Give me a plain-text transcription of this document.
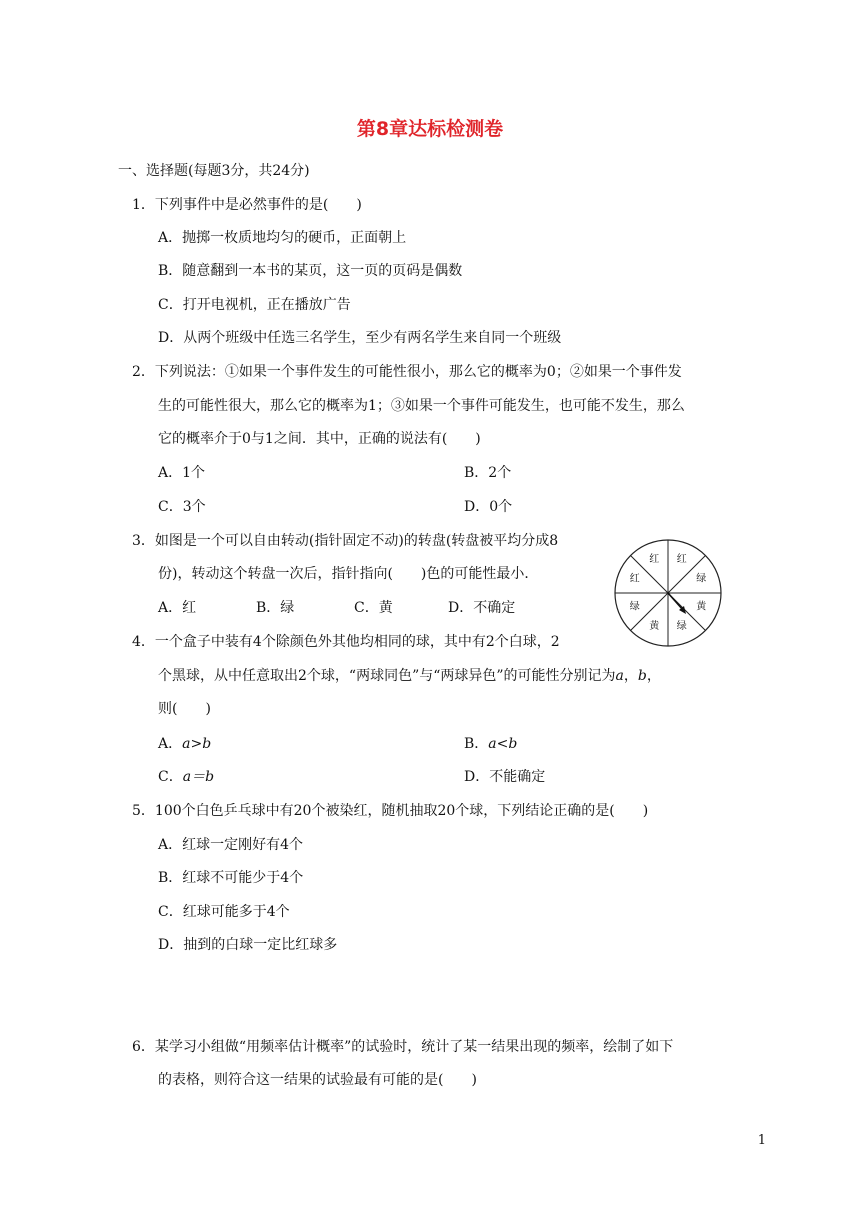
第8章达标检测卷
一、选择题(每题3分，共24分)
1．下列事件中是必然事件的是(　　)
A．抛掷一枚质地均匀的硬币，正面朝上
B．随意翻到一本书的某页，这一页的页码是偶数
C．打开电视机，正在播放广告
D．从两个班级中任选三名学生，至少有两名学生来自同一个班级
2．下列说法：①如果一个事件发生的可能性很小，那么它的概率为0；②如果一个事件发
生的可能性很大，那么它的概率为1；③如果一个事件可能发生，也可能不发生，那么
它的概率介于0与1之间．其中，正确的说法有(　　)
A．1个	B．2个
C．3个	D．0个
3．如图是一个可以自由转动(指针固定不动)的转盘(转盘被平均分成8
份)，转动这个转盘一次后，指针指向(　　)色的可能性最小．
A．红	B．绿	C．黄	D．不确定
红
绿
黄
绿
黄
绿
红
红
4．一个盒子中装有4个除颜色外其他均相同的球，其中有2个白球，2
个黑球，从中任意取出2个球，“两球同色”与“两球异色”的可能性分别记为a，b，
则(　　)
A．a>b	B．a<b
C．a＝b	D．不能确定
5．100个白色乒乓球中有20个被染红，随机抽取20个球，下列结论正确的是(　　)
A．红球一定刚好有4个
B．红球不可能少于4个
C．红球可能多于4个
D．抽到的白球一定比红球多
6．某学习小组做“用频率估计概率”的试验时，统计了某一结果出现的频率，绘制了如下
的表格，则符合这一结果的试验最有可能的是(　　)
1
